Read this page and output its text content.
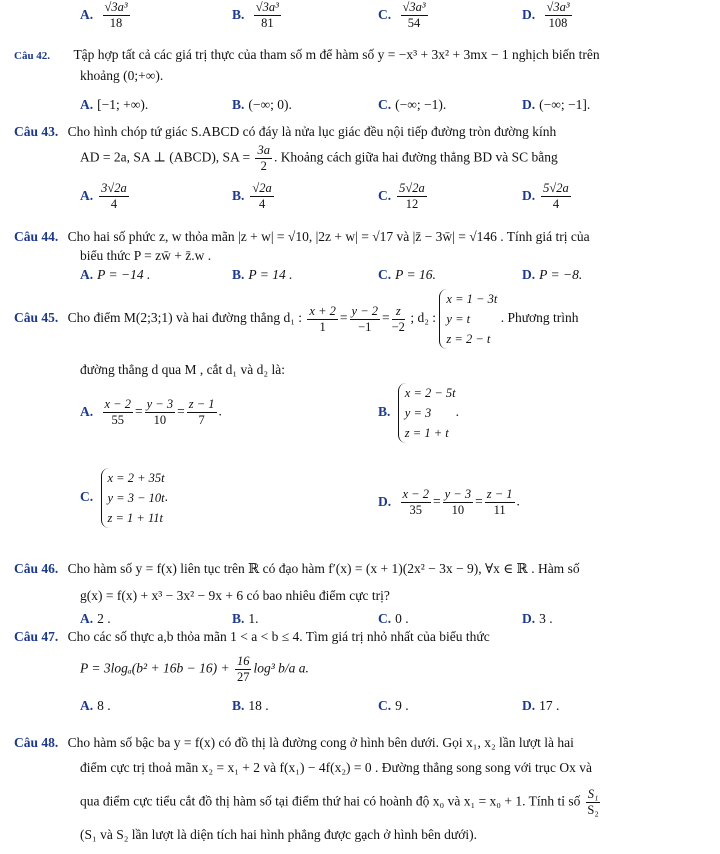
A. $\frac{\text{√3a³}}{18}$	B. $\frac{\text{√3a³}}{81}$	C. $\frac{\text{√3a³}}{54}$	D. $\frac{\text{√3a³}}{108}$
Câu 42. Tập hợp tất cả các giá trị thực của tham số m để hàm số y = −x³ + 3x² + 3mx − 1 nghịch biến trên
khoảng (0;+∞).
A. [−1; +∞).	B. (−∞; 0).	C. (−∞; −1).	D. (−∞; −1].
Câu 43. Cho hình chóp tứ giác S.ABCD có đáy là nửa lục giác đều nội tiếp đường tròn đường kính
AD = 2a, SA ⊥ (ABCD), SA = $\frac{3a}{2}$ . Khoảng cách giữa hai đường thẳng BD và SC bằng
A. $\frac{3√2a}{4}$	B. $\frac{√2a}{4}$	C. $\frac{5√2a}{12}$	D. $\frac{5√2a}{4}$
Câu 44. Cho hai số phức z, w thỏa mãn |z + w| = √10, |2z + w| = √17 và |z̄ − 3w̄| = √146 . Tính giá trị của
biểu thức P = zw̄ + z̄.w .
A. P = −14 .	B. P = 14 .	C. P = 16.	D. P = −8.
Câu 45. Cho điểm M(2;3;1) và hai đường thẳng d₁ : $\frac{x + 2}{1} = \frac{y - 2}{-1} = \frac{z}{-2}$ ; d₂ :
x = 1 − 3t
y = t
z = 2 − t
. Phương trình
đường thẳng d qua M , cắt d₁ và d₂ là:
A. $\frac{x - 2}{55} = \frac{y - 3}{10} = \frac{z - 1}{7}$ .	B.
x = 2 − 5t
y = 3
z = 1 + t
.
C.
x = 2 + 35t
y = 3 − 10t
z = 1 + 11t
.	D. $\frac{x - 2}{35} = \frac{y - 3}{10} = \frac{z - 1}{11}$ .
Câu 46. Cho hàm số y = f(x) liên tục trên ℝ có đạo hàm f′(x) = (x + 1)(2x² − 3x − 9), ∀x ∈ ℝ . Hàm số
g(x) = f(x) + x³ − 3x² − 9x + 6 có bao nhiêu điểm cực trị?
A. 2 .	B. 1.	C. 0 .	D. 3 .
Câu 47. Cho các số thực a,b thỏa mãn 1 < a < b ≤ 4. Tìm giá trị nhỏ nhất của biểu thức
$P = 3\log_a(b^2 + 16b - 16) + \frac{16}{27} \log^3$ b/a a.
A. 8 .	B. 18 .	C. 9 .	D. 17 .
Câu 48. Cho hàm số bậc ba y = f(x) có đồ thị là đường cong ở hình bên dưới. Gọi x₁, x₂ lần lượt là hai
điểm cực trị thoả mãn x₂ = x₁ + 2 và f(x₁) − 4f(x₂) = 0 . Đường thẳng song song với trục Ox và
qua điểm cực tiểu cắt đồ thị hàm số tại điểm thứ hai có hoành độ x₀ và x₁ = x₀ + 1. Tính tỉ số $\frac{\text{S₁}}{\text{S₂}}$
(S₁ và S₂ lần lượt là diện tích hai hình phẳng được gạch ở hình bên dưới).
